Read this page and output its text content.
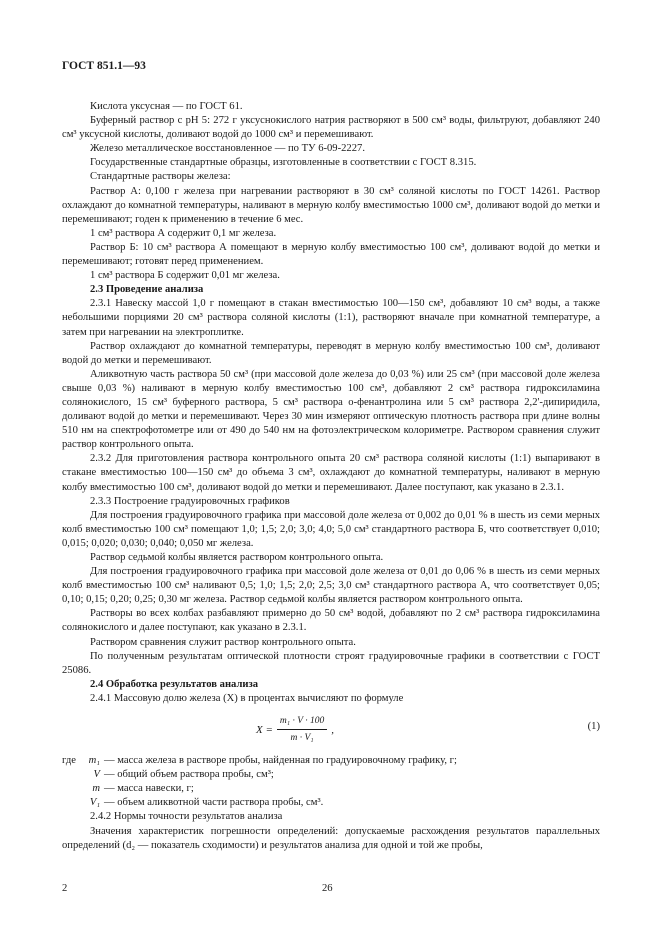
ГОСТ 851.1—93

Кислота уксусная — по ГОСТ 61.

Буферный раствор с рН 5: 272 г уксуснокислого натрия растворяют в 500 см³ воды, фильтруют, добавляют 240 см³ уксусной кислоты, доливают водой до 1000 см³ и перемешивают.

Железо металлическое восстановленное — по ТУ 6-09-2227.

Государственные стандартные образцы, изготовленные в соответствии с ГОСТ 8.315.

Стандартные растворы железа:

Раствор А: 0,100 г железа при нагревании растворяют в 30 см³ соляной кислоты по ГОСТ 14261. Раствор охлаждают до комнатной температуры, наливают в мерную колбу вместимостью 1000 см³, доливают водой до метки и перемешивают; годен к применению в течение 6 мес.

1 см³ раствора А содержит 0,1 мг железа.

Раствор Б: 10 см³ раствора А помещают в мерную колбу вместимостью 100 см³, доливают водой до метки и перемешивают; готовят перед применением.

1 см³ раствора Б содержит 0,01 мг железа.

2.3 Проведение анализа

2.3.1 Навеску массой 1,0 г помещают в стакан вместимостью 100—150 см³, добавляют 10 см³ воды, а также небольшими порциями 20 см³ раствора соляной кислоты (1:1), растворяют вначале при комнатной температуре, а затем при нагревании на электроплитке.

Раствор охлаждают до комнатной температуры, переводят в мерную колбу вместимостью 100 см³, доливают водой до метки и перемешивают.

Аликвотную часть раствора 50 см³ (при массовой доле железа до 0,03 %) или 25 см³ (при массовой доле железа свыше 0,03 %) наливают в мерную колбу вместимостью 100 см³, добавляют 2 см³ раствора гидроксиламина солянокислого, 15 см³ буферного раствора, 5 см³ раствора о-фенантролина или 5 см³ раствора 2,2'-дипиридила, доливают водой до метки и перемешивают. Через 30 мин измеряют оптическую плотность раствора при длине волны 510 нм на спектрофотометре или от 490 до 540 нм на фотоэлектрическом колориметре. Раствором сравнения служит раствор контрольного опыта.

2.3.2 Для приготовления раствора контрольного опыта 20 см³ раствора соляной кислоты (1:1) выпаривают в стакане вместимостью 100—150 см³ до объема 3 см³, охлаждают до комнатной температуры, наливают в мерную колбу вместимостью 100 см³, доливают водой до метки и перемешивают. Далее поступают, как указано в 2.3.1.

2.3.3 Построение градуировочных графиков

Для построения градуировочного графика при массовой доле железа от 0,002 до 0,01 % в шесть из семи мерных колб вместимостью 100 см³ помещают 1,0; 1,5; 2,0; 3,0; 4,0; 5,0 см³ стандартного раствора Б, что соответствует 0,010; 0,015; 0,020; 0,030; 0,040; 0,050 мг железа.

Раствор седьмой колбы является раствором контрольного опыта.

Для построения градуировочного графика при массовой доле железа от 0,01 до 0,06 % в шесть из семи мерных колб вместимостью 100 см³ наливают 0,5; 1,0; 1,5; 2,0; 2,5; 3,0 см³ стандартного раствора А, что соответствует 0,05; 0,10; 0,15; 0,20; 0,25; 0,30 мг железа. Раствор седьмой колбы является раствором контрольного опыта.

Растворы во всех колбах разбавляют примерно до 50 см³ водой, добавляют по 2 см³ раствора гидроксиламина солянокислого и далее поступают, как указано в 2.3.1.

Раствором сравнения служит раствор контрольного опыта.

По полученным результатам оптической плотности строят градуировочные графики в соответствии с ГОСТ 25086.

2.4 Обработка результатов анализа

2.4.1 Массовую долю железа (X) в процентах вычисляют по формуле

$X = \frac{\text{m₁ · V · 100}}{\text{m · V₁}}$ ,	(1)
где	m₁ — масса железа в растворе пробы, найденная по градуировочному графику, г;
V — общий объем раствора пробы, см³;
m — масса навески, г;
V₁ — объем аликвотной части раствора пробы, см³.

2.4.2 Нормы точности результатов анализа

Значения характеристик погрешности определений: допускаемые расхождения результатов параллельных определений (d₂ — показатель сходимости) и результатов анализа для одной и той же пробы,

2	26
